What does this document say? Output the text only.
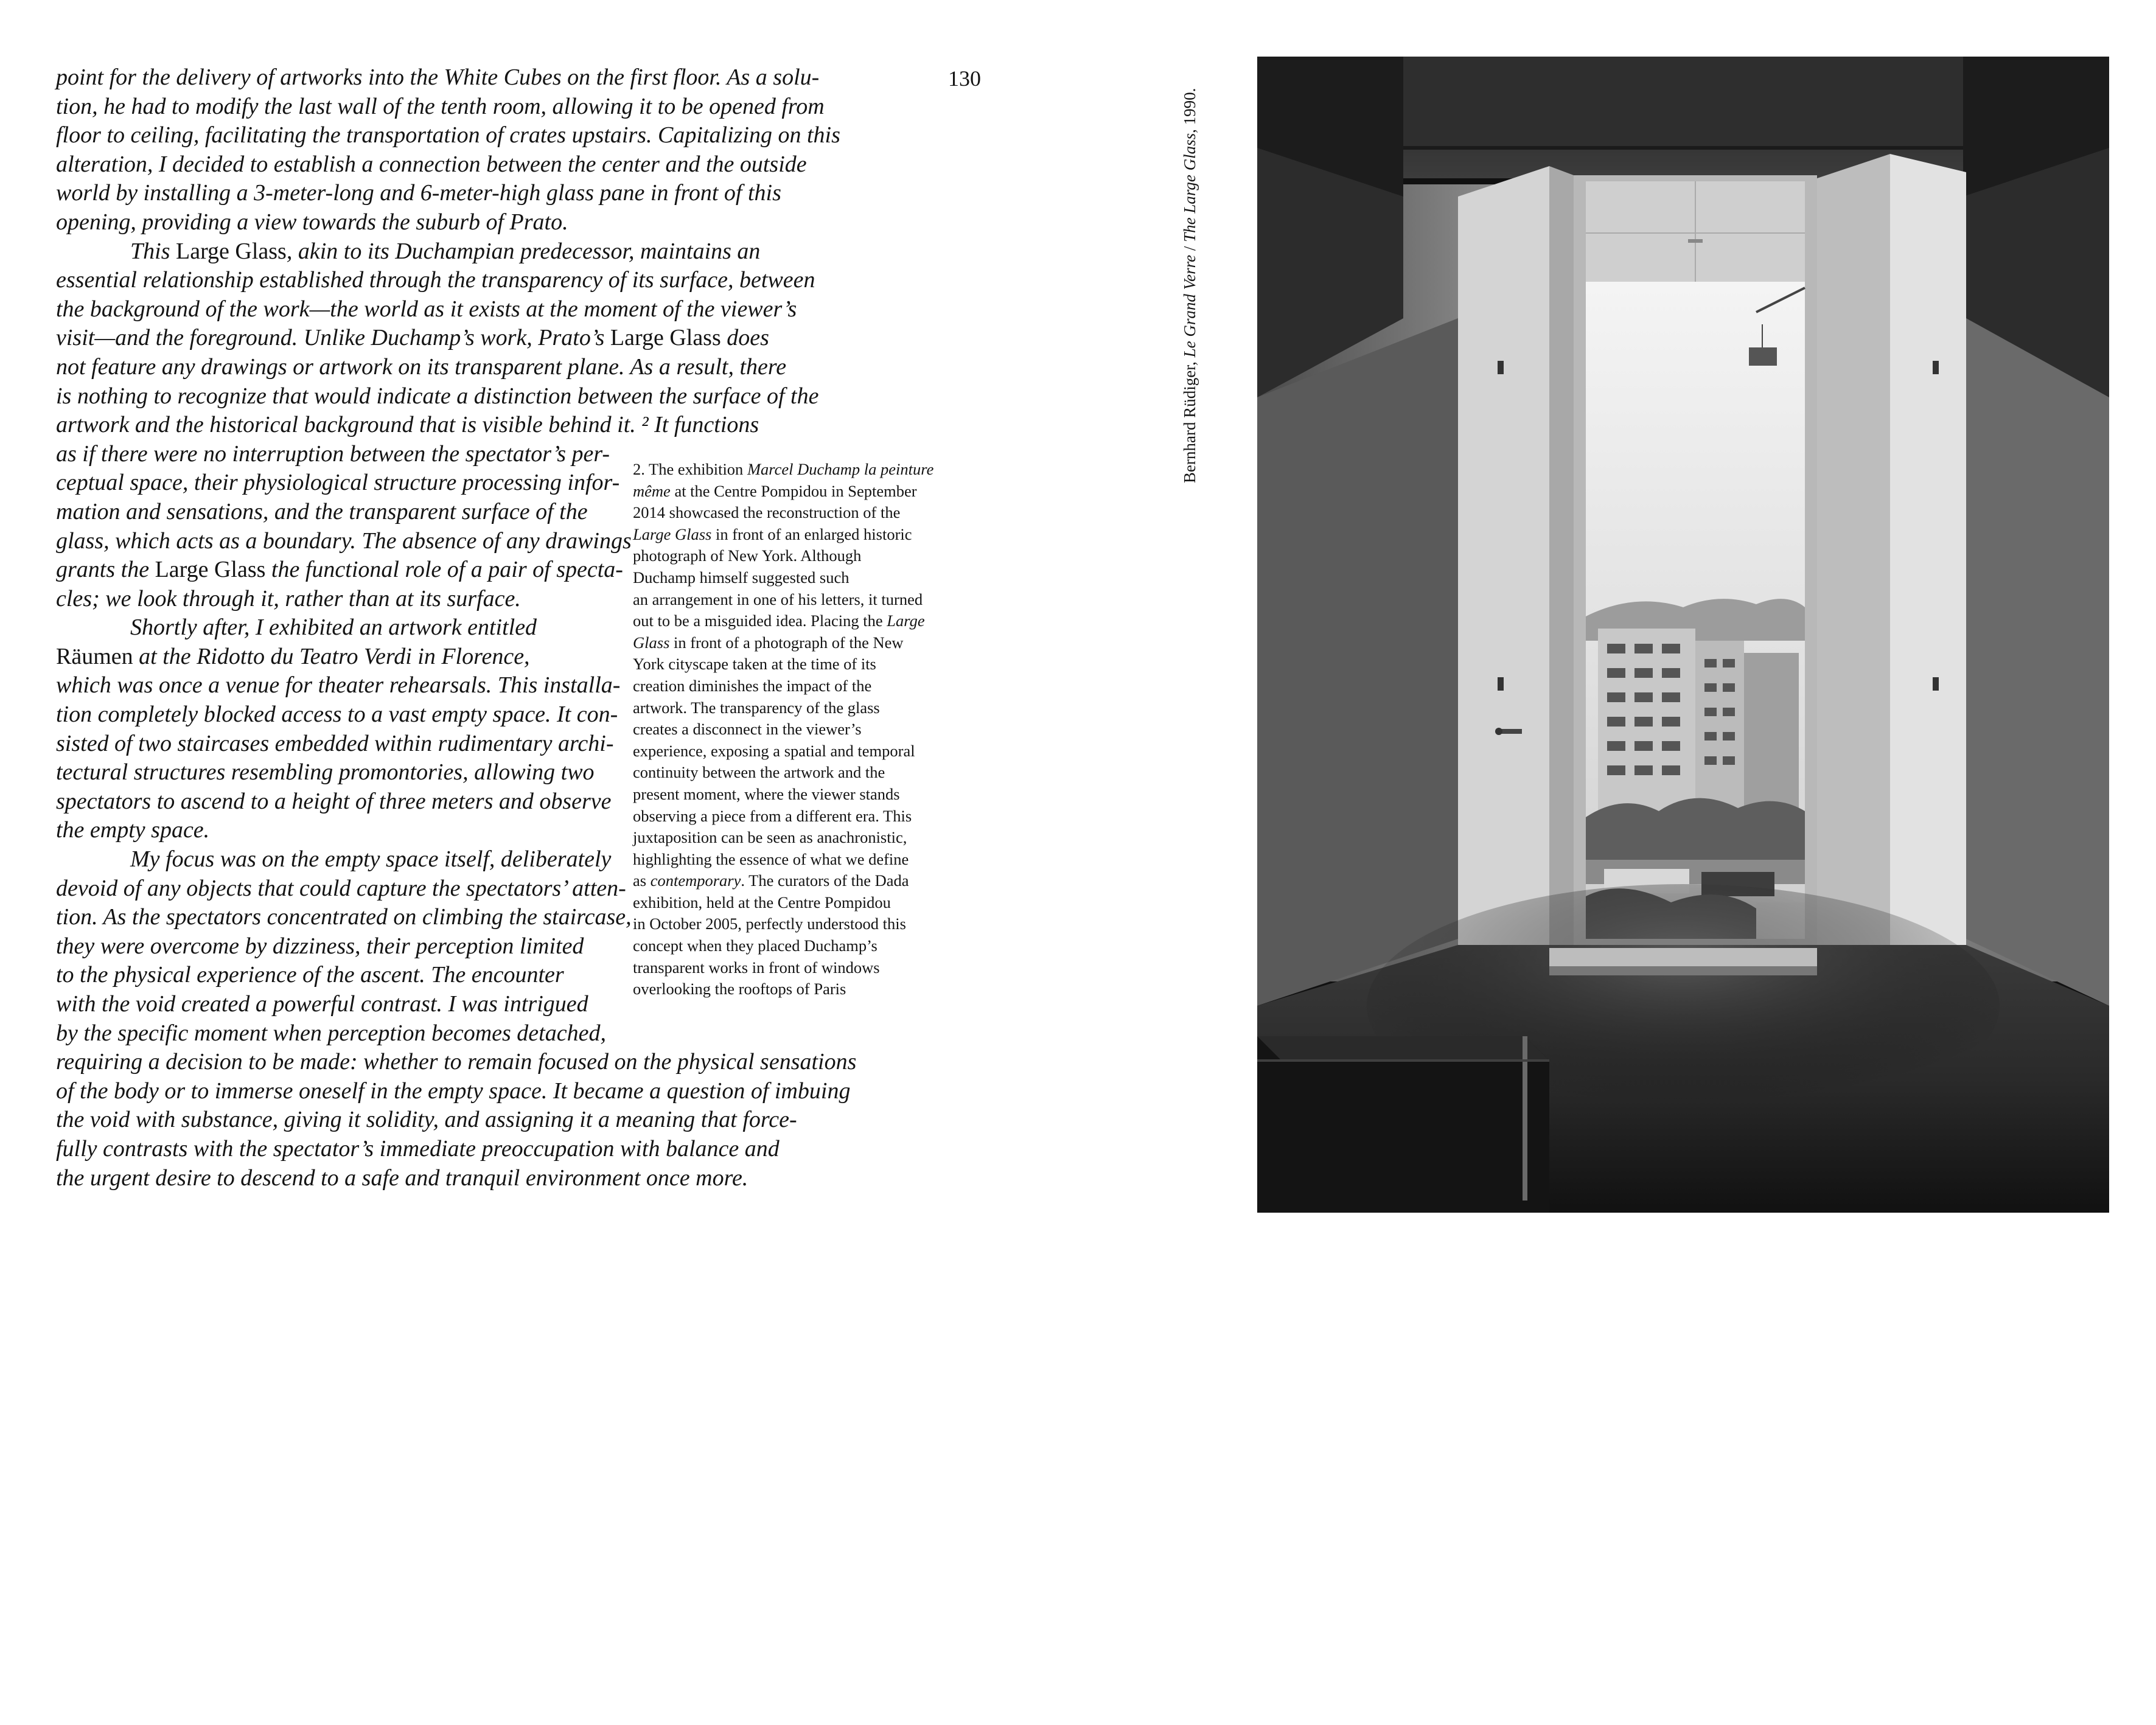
130
point for the delivery of artworks into the White Cubes on the first floor. As a solu-
tion, he had to modify the last wall of the tenth room, allowing it to be opened from
floor to ceiling, facilitating the transportation of crates upstairs. Capitalizing on this
alteration, I decided to establish a connection between the center and the outside
world by installing a 3-meter-long and 6-meter-high glass pane in front of this
opening, providing a view towards the suburb of Prato.
This Large Glass, akin to its Duchampian predecessor, maintains an
essential relationship established through the transparency of its surface, between
the background of the work—the world as it exists at the moment of the viewer’s
visit—and the foreground. Unlike Duchamp’s work, Prato’s Large Glass does
not feature any drawings or artwork on its transparent plane. As a result, there
is nothing to recognize that would indicate a distinction between the surface of the
artwork and the historical background that is visible behind it. ² It functions
as if there were no interruption between the spectator’s per-
ceptual space, their physiological structure processing infor-
mation and sensations, and the transparent surface of the
glass, which acts as a boundary. The absence of any drawings
grants the Large Glass the functional role of a pair of specta-
cles; we look through it, rather than at its surface.
Shortly after, I exhibited an artwork entitled
Räumen at the Ridotto du Teatro Verdi in Florence,
which was once a venue for theater rehearsals. This installa-
tion completely blocked access to a vast empty space. It con-
sisted of two staircases embedded within rudimentary archi-
tectural structures resembling promontories, allowing two
spectators to ascend to a height of three meters and observe
the empty space.
My focus was on the empty space itself, deliberately
devoid of any objects that could capture the spectators’ atten-
tion. As the spectators concentrated on climbing the staircase,
they were overcome by dizziness, their perception limited
to the physical experience of the ascent. The encounter
with the void created a powerful contrast. I was intrigued
by the specific moment when perception becomes detached,
requiring a decision to be made: whether to remain focused on the physical sensations
of the body or to immerse oneself in the empty space. It became a question of imbuing
the void with substance, giving it solidity, and assigning it a meaning that force-
fully contrasts with the spectator’s immediate preoccupation with balance and
the urgent desire to descend to a safe and tranquil environment once more.
2. The exhibition Marcel Duchamp la peinture
même at the Centre Pompidou in September
2014 showcased the reconstruction of the
Large Glass in front of an enlarged historic
photograph of New York. Although
Duchamp himself suggested such
an arrangement in one of his letters, it turned
out to be a misguided idea. Placing the Large
Glass in front of a photograph of the New
York cityscape taken at the time of its
creation diminishes the impact of the
artwork. The transparency of the glass
creates a disconnect in the viewer’s
experience, exposing a spatial and temporal
continuity between the artwork and the
present moment, where the viewer stands
observing a piece from a different era. This
juxtaposition can be seen as anachronistic,
highlighting the essence of what we define
as contemporary. The curators of the Dada
exhibition, held at the Centre Pompidou
in October 2005, perfectly understood this
concept when they placed Duchamp’s
transparent works in front of windows
overlooking the rooftops of Paris
Bernhard Rüdiger, Le Grand Verre / The Large Glass, 1990.
